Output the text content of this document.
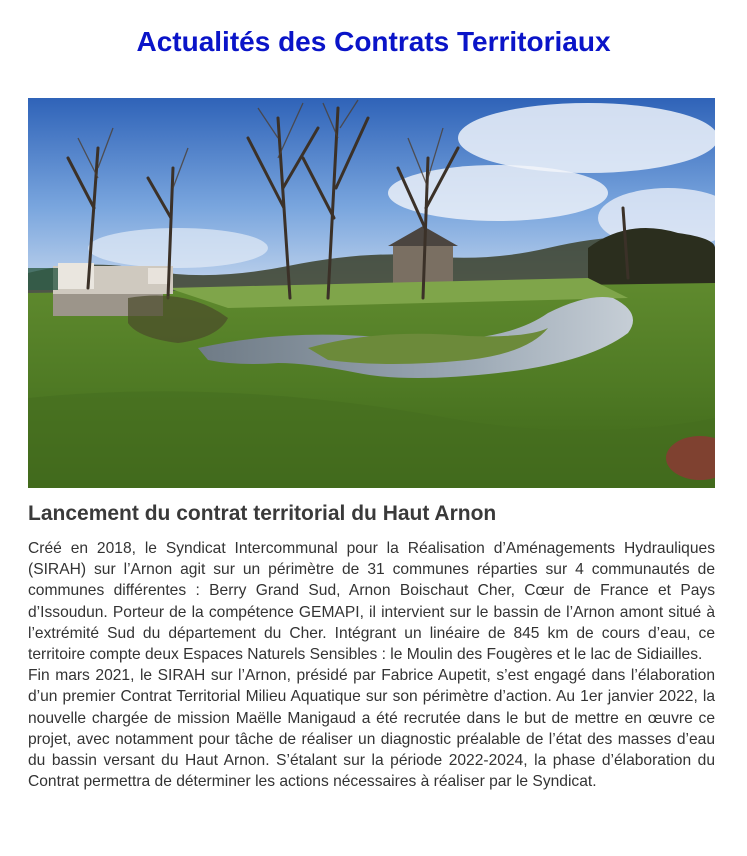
Actualités des Contrats Territoriaux
Lancement du contrat territorial du Haut Arnon

Créé en 2018, le Syndicat Intercommunal pour la Réalisation d’Aménagements Hydrauliques (SIRAH) sur l’Arnon agit sur un périmètre de 31 communes réparties sur 4 communautés de communes différentes : Berry Grand Sud, Arnon Boischaut Cher, Cœur de France et Pays d’Issoudun. Porteur de la compétence GEMAPI, il intervient sur le bassin de l’Arnon amont situé à l’extrémité Sud du département du Cher. Intégrant un linéaire de 845 km de cours d’eau, ce territoire compte deux Espaces Naturels Sensibles : le Moulin des Fougères et le lac de Sidiailles.

Fin mars 2021, le SIRAH sur l’Arnon, présidé par Fabrice Aupetit, s’est engagé dans l’élaboration d’un premier Contrat Territorial Milieu Aquatique sur son périmètre d’action. Au 1er janvier 2022, la nouvelle chargée de mission Maëlle Manigaud a été recrutée dans le but de mettre en œuvre ce projet, avec notamment pour tâche de réaliser un diagnostic préalable de l’état des masses d’eau du bassin versant du Haut Arnon. S’étalant sur la période 2022-2024, la phase d’élaboration du Contrat permettra de déterminer les actions nécessaires à réaliser par le Syndicat.
